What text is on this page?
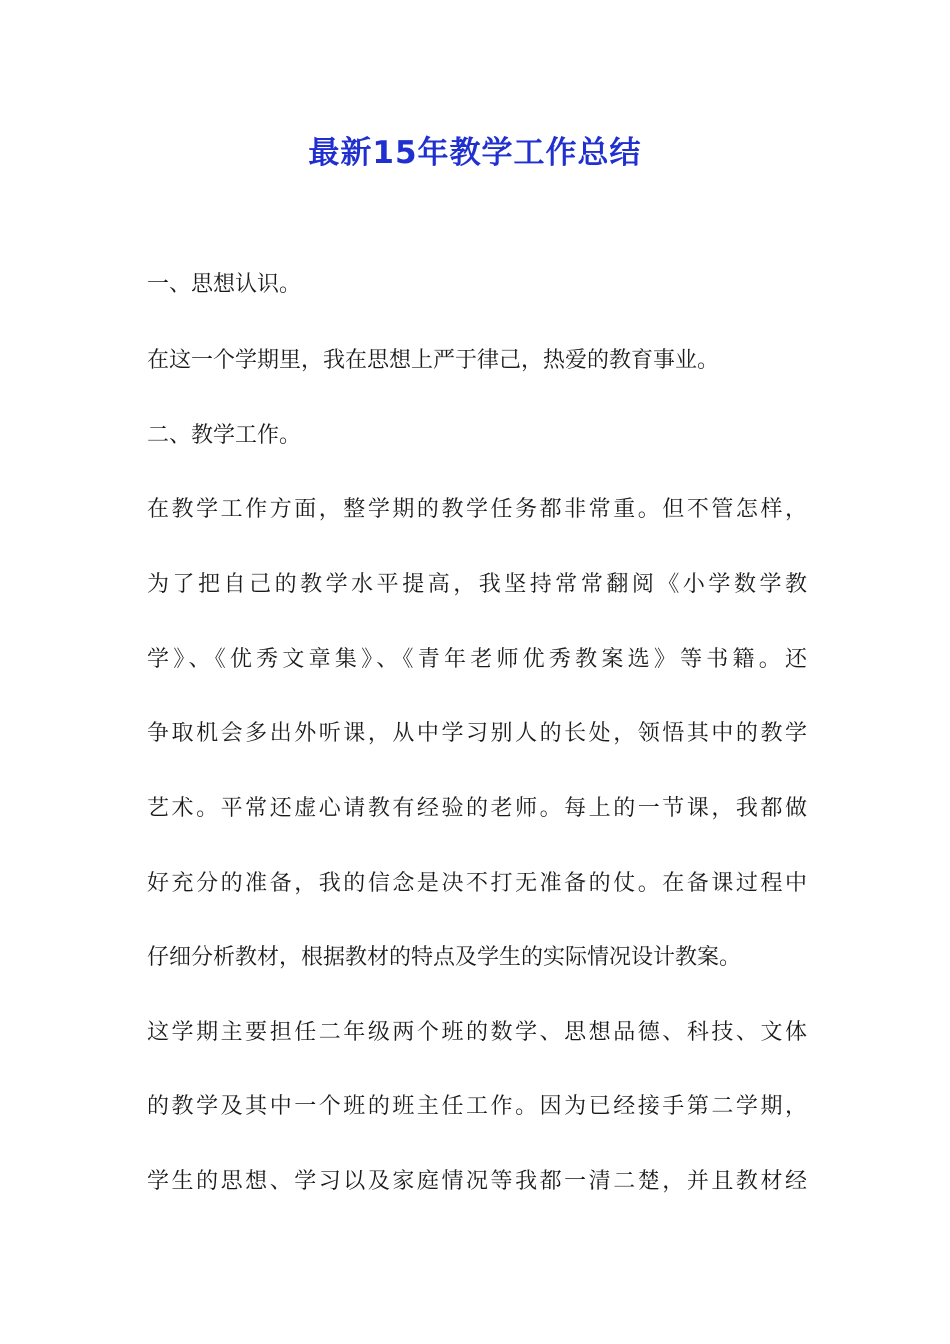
最新15年教学工作总结
一、思想认识。
在这一个学期里，我在思想上严于律己，热爱的教育事业。
二、教学工作。
在教学工作方面，整学期的教学任务都非常重。但不管怎样，
为了把自己的教学水平提高，我坚持常常翻阅《小学数学教
学》、《优秀文章集》、《青年老师优秀教案选》等书籍。还
争取机会多出外听课，从中学习别人的长处，领悟其中的教学
艺术。平常还虚心请教有经验的老师。每上的一节课，我都做
好充分的准备，我的信念是决不打无准备的仗。在备课过程中
仔细分析教材，根据教材的特点及学生的实际情况设计教案。
这学期主要担任二年级两个班的数学、思想品德、科技、文体
的教学及其中一个班的班主任工作。因为已经接手第二学期，
学生的思想、学习以及家庭情况等我都一清二楚，并且教材经
